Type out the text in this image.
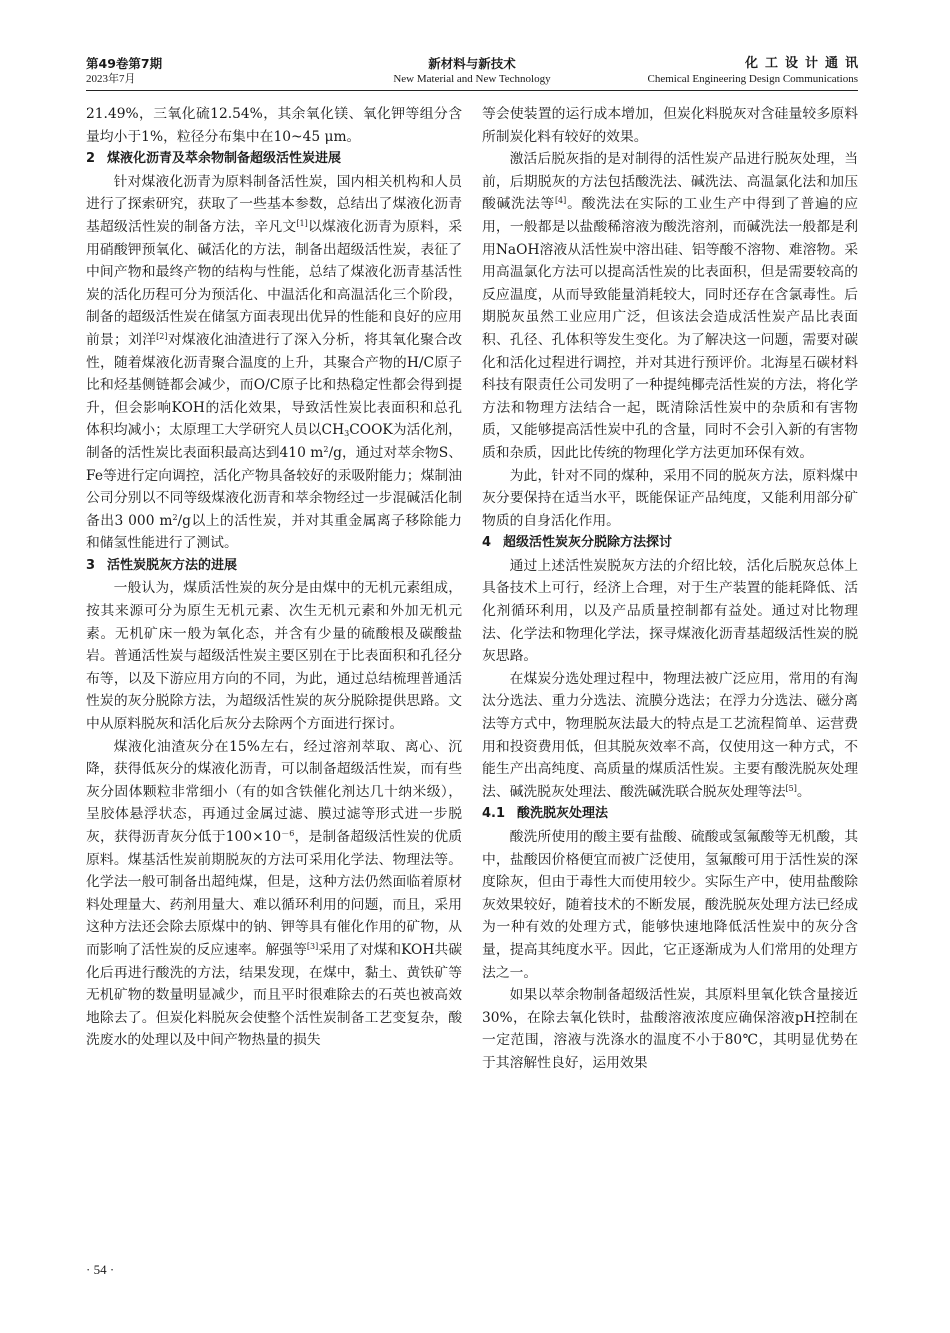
第49卷第7期
2023年7月
新材料与新技术
New Material and New Technology
化工设计通讯
Chemical Engineering Design Communications

21.49%，三氧化硫12.54%，其余氧化镁、氧化钾等组分含量均小于1%，粒径分布集中在10~45 μm。

2 煤液化沥青及萃余物制备超级活性炭进展

针对煤液化沥青为原料制备活性炭，国内相关机构和人员进行了探索研究，获取了一些基本参数，总结出了煤液化沥青基超级活性炭的制备方法，辛凡文[1]以煤液化沥青为原料，采用硝酸钾预氧化、碱活化的方法，制备出超级活性炭，表征了中间产物和最终产物的结构与性能，总结了煤液化沥青基活性炭的活化历程可分为预活化、中温活化和高温活化三个阶段，制备的超级活性炭在储氢方面表现出优异的性能和良好的应用前景；刘洋[2]对煤液化油渣进行了深入分析，将其氧化聚合改性，随着煤液化沥青聚合温度的上升，其聚合产物的H/C原子比和烃基侧链都会减少，而O/C原子比和热稳定性都会得到提升，但会影响KOH的活化效果，导致活性炭比表面积和总孔体积均减小；太原理工大学研究人员以$CH_3COOK$为活化剂，制备的活性炭比表面积最高达到410 $m^2/g$，通过对萃余物S、Fe等进行定向调控，活化产物具备较好的汞吸附能力；煤制油公司分别以不同等级煤液化沥青和萃余物经过一步混碱活化制备出3 000 $m^2/g$以上的活性炭，并对其重金属离子移除能力和储氢性能进行了测试。

3 活性炭脱灰方法的进展

一般认为，煤质活性炭的灰分是由煤中的无机元素组成，按其来源可分为原生无机元素、次生无机元素和外加无机元素。无机矿床一般为氧化态，并含有少量的硫酸根及碳酸盐岩。普通活性炭与超级活性炭主要区别在于比表面积和孔径分布等，以及下游应用方向的不同，为此，通过总结梳理普通活性炭的灰分脱除方法，为超级活性炭的灰分脱除提供思路。文中从原料脱灰和活化后灰分去除两个方面进行探讨。

煤液化油渣灰分在15%左右，经过溶剂萃取、离心、沉降，获得低灰分的煤液化沥青，可以制备超级活性炭，而有些灰分固体颗粒非常细小（有的如含铁催化剂达几十纳米级），呈胶体悬浮状态，再通过金属过滤、膜过滤等形式进一步脱灰，获得沥青灰分低于$100\times 10^{-6}$，是制备超级活性炭的优质原料。煤基活性炭前期脱灰的方法可采用化学法、物理法等。化学法一般可制备出超纯煤，但是，这种方法仍然面临着原材料处理量大、药剂用量大、难以循环利用的问题，而且，采用这种方法还会除去原煤中的钠、钾等具有催化作用的矿物，从而影响了活性炭的反应速率。解强等[3]采用了对煤和KOH共碳化后再进行酸洗的方法，结果发现，在煤中，黏土、黄铁矿等无机矿物的数量明显减少，而且平时很难除去的石英也被高效地除去了。但炭化料脱灰会使整个活性炭制备工艺变复杂，酸洗废水的处理以及中间产物热量的损失

等会使装置的运行成本增加，但炭化料脱灰对含硅量较多原料所制炭化料有较好的效果。

激活后脱灰指的是对制得的活性炭产品进行脱灰处理，当前，后期脱灰的方法包括酸洗法、碱洗法、高温氯化法和加压酸碱洗法等[4]。酸洗法在实际的工业生产中得到了普遍的应用，一般都是以盐酸稀溶液为酸洗溶剂，而碱洗法一般都是利用NaOH溶液从活性炭中溶出硅、铝等酸不溶物、难溶物。采用高温氯化方法可以提高活性炭的比表面积，但是需要较高的反应温度，从而导致能量消耗较大，同时还存在含氯毒性。后期脱灰虽然工业应用广泛，但该法会造成活性炭产品比表面积、孔径、孔体积等发生变化。为了解决这一问题，需要对碳化和活化过程进行调控，并对其进行预评价。北海星石碳材料科技有限责任公司发明了一种提纯椰壳活性炭的方法，将化学方法和物理方法结合一起，既清除活性炭中的杂质和有害物质，又能够提高活性炭中孔的含量，同时不会引入新的有害物质和杂质，因此比传统的物理化学方法更加环保有效。

为此，针对不同的煤种，采用不同的脱灰方法，原料煤中灰分要保持在适当水平，既能保证产品纯度，又能利用部分矿物质的自身活化作用。

4 超级活性炭灰分脱除方法探讨

通过上述活性炭脱灰方法的介绍比较，活化后脱灰总体上具备技术上可行，经济上合理，对于生产装置的能耗降低、活化剂循环利用，以及产品质量控制都有益处。通过对比物理法、化学法和物理化学法，探寻煤液化沥青基超级活性炭的脱灰思路。

在煤炭分选处理过程中，物理法被广泛应用，常用的有淘汰分选法、重力分选法、流膜分选法；在浮力分选法、磁分离法等方式中，物理脱灰法最大的特点是工艺流程简单、运营费用和投资费用低，但其脱灰效率不高，仅使用这一种方式，不能生产出高纯度、高质量的煤质活性炭。主要有酸洗脱灰处理法、碱洗脱灰处理法、酸洗碱洗联合脱灰处理等法[5]。

4.1 酸洗脱灰处理法

酸洗所使用的酸主要有盐酸、硫酸或氢氟酸等无机酸，其中，盐酸因价格便宜而被广泛使用，氢氟酸可用于活性炭的深度除灰，但由于毒性大而使用较少。实际生产中，使用盐酸除灰效果较好，随着技术的不断发展，酸洗脱灰处理方法已经成为一种有效的处理方式，能够快速地降低活性炭中的灰分含量，提高其纯度水平。因此，它正逐渐成为人们常用的处理方法之一。

如果以萃余物制备超级活性炭，其原料里氧化铁含量接近30%，在除去氧化铁时，盐酸溶液浓度应确保溶液pH控制在一定范围，溶液与洗涤水的温度不小于80℃，其明显优势在于其溶解性良好，运用效果

· 54 ·
